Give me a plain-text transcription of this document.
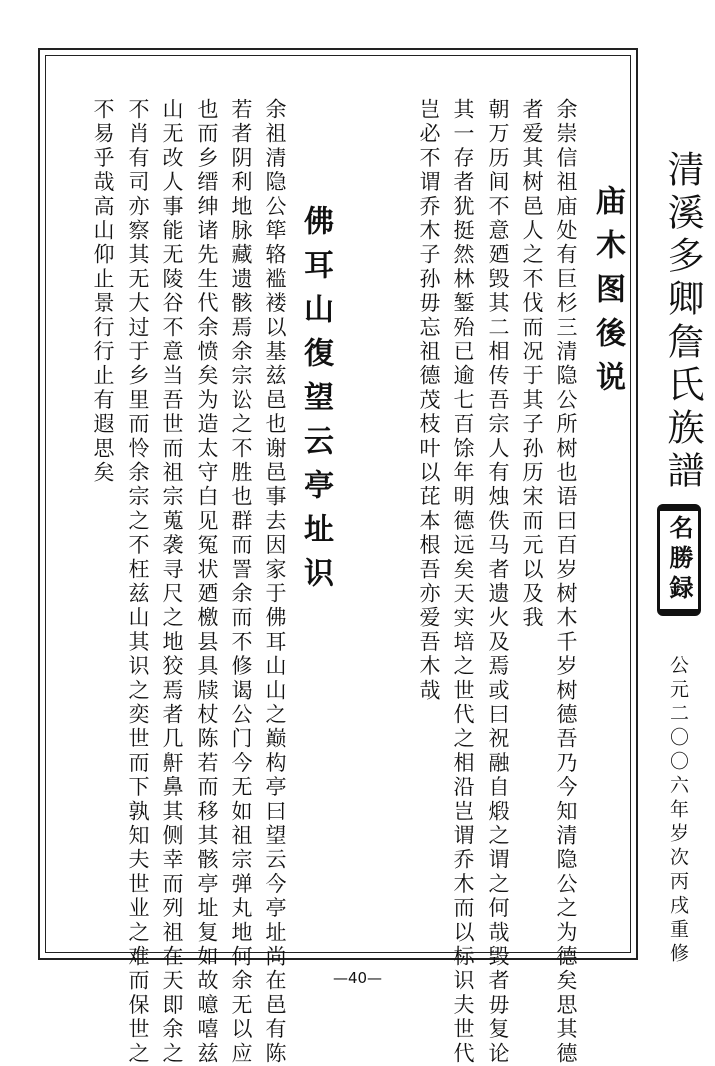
清溪多卿詹氏族譜
名勝録
公元二〇〇六年岁次丙戌重修
庙木图後说
余崇信祖庙处有巨杉三清隐公所树也语曰百岁树木千岁树德吾乃今知清隐公之为德矣思其德
者爱其树邑人之不伐而况于其子孙历宋而元以及我
朝万历间不意廼毁其二相传吾宗人有烛佚马者遗火及焉或曰祝融自煅之谓之何哉毁者毋复论
其一存者犹挺然林錾殆已逾七百馀年明德远矣天实培之世代之相沿岂谓乔木而以标识夫世代
岂必不谓乔木子孙毋忘祖德茂枝叶以芘本根吾亦爱吾木哉
佛耳山復望云亭址识
余祖清隐公筚辂褴褛以基兹邑也谢邑事去因家于佛耳山山之巅构亭曰望云今亭址尚在邑有陈
若者阴利地脉藏遗骸焉余宗讼之不胜也群而詈余而不修谒公门今无如祖宗弹丸地何余无以应
也而乡缙绅诸先生代余愤矣为造太守白见冤状廼檄县具牍杖陈若而移其骸亭址复如故噫嘻兹
山无改人事能无陵谷不意当吾世而祖宗蒐袭寻尺之地狡焉者几鼾鼻其侧幸而列祖在天即余之
不肖有司亦察其无大过于乡里而怜余宗之不枉兹山其识之奕世而下孰知夫世业之难而保世之
不易乎哉高山仰止景行行止有遐思矣
—40—
